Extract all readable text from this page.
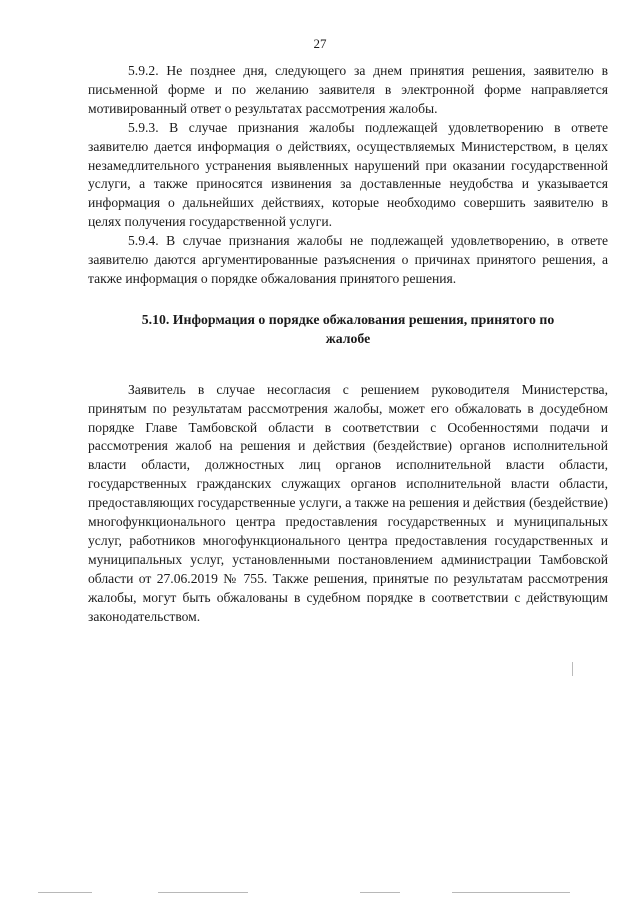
27

5.9.2. Не позднее дня, следующего за днем принятия решения, заявителю в письменной форме и по желанию заявителя в электронной форме направляется мотивированный ответ о результатах рассмотрения жалобы.

5.9.3. В случае признания жалобы подлежащей удовлетворению в ответе заявителю дается информация о действиях, осуществляемых Министерством, в целях незамедлительного устранения выявленных нарушений при оказании государственной услуги, а также приносятся извинения за доставленные неудобства и указывается информация о дальнейших действиях, которые необходимо совершить заявителю в целях получения государственной услуги.

5.9.4. В случае признания жалобы не подлежащей удовлетворению, в ответе заявителю даются аргументированные разъяснения о причинах принятого решения, а также информация о порядке обжалования принятого решения.

5.10. Информация о порядке обжалования решения, принятого по
жалобе

Заявитель в случае несогласия с решением руководителя Министерства, принятым по результатам рассмотрения жалобы, может его обжаловать в досудебном порядке Главе Тамбовской области в соответствии с Особенностями подачи и рассмотрения жалоб на решения и действия (бездействие) органов исполнительной власти области, должностных лиц органов исполнительной власти области, государственных гражданских служащих органов исполнительной власти области, предоставляющих государственные услуги, а также на решения и действия (бездействие) многофункционального центра предоставления государственных и муниципальных услуг, работников многофункционального центра предоставления государственных и муниципальных услуг, установленными постановлением администрации Тамбовской области от 27.06.2019 № 755. Также решения, принятые по результатам рассмотрения жалобы, могут быть обжалованы в судебном порядке в соответствии с действующим законодательством.
